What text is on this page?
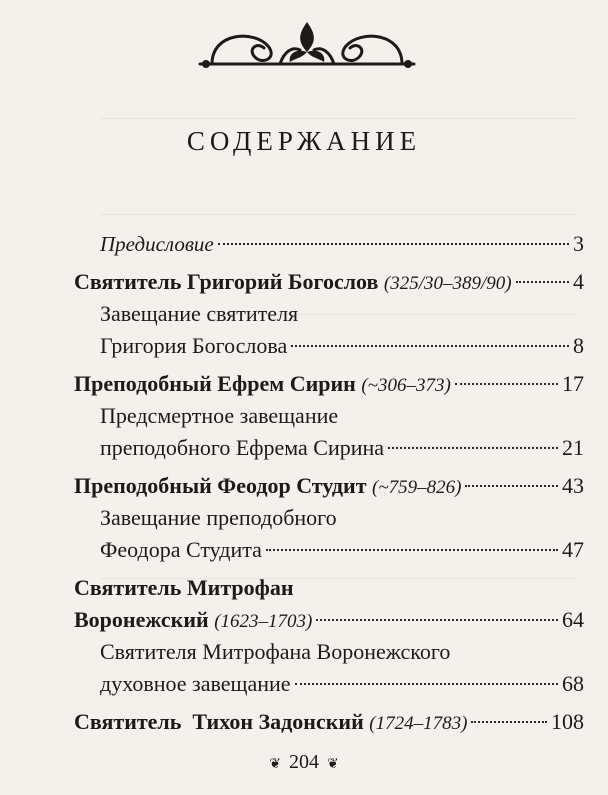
СОДЕРЖАНИЕ
Предисловие	3
Святитель Григорий Богослов
(325/30–389/90)	4
Завещание святителя
Григория Богослова	8
Преподобный Ефрем Сирин
(~306–373)	17
Предсмертное завещание
преподобного Ефрема Сирина	21
Преподобный Феодор Студит
(~759–826)	43
Завещание преподобного
Феодора Студита	47
Святитель Митрофан
Воронежский
(1623–1703)	64
Святителя Митрофана Воронежского
духовное завещание	68
Святитель  Тихон Задонский
(1724–1783)	108
❦ 204 ❦
